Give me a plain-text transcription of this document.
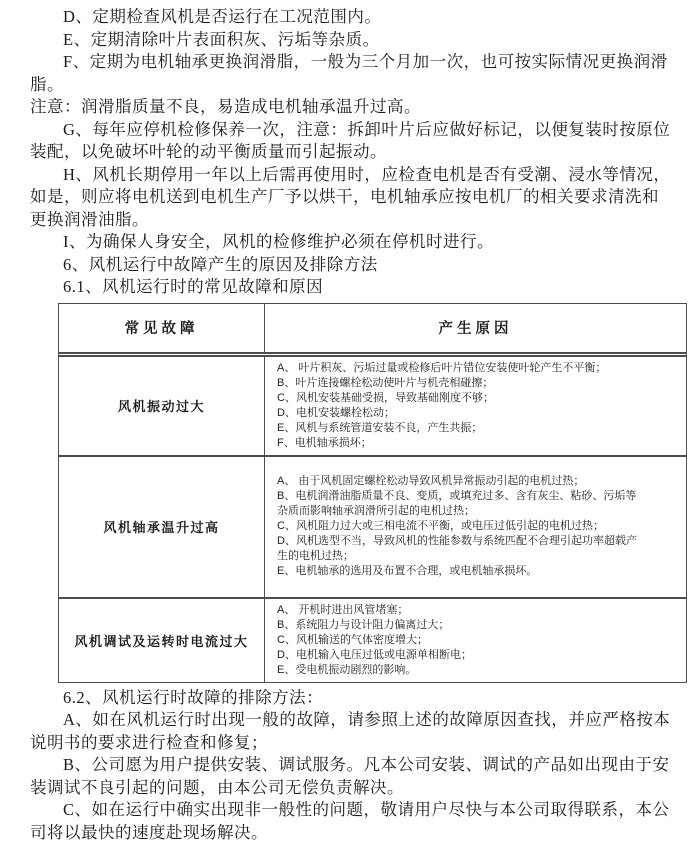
D、定期检查风机是否运行在工况范围内。
E、定期清除叶片表面积灰、污垢等杂质。
F、定期为电机轴承更换润滑脂，一般为三个月加一次，也可按实际情况更换润滑
脂。
注意：润滑脂质量不良，易造成电机轴承温升过高。
G、每年应停机检修保养一次，注意：拆卸叶片后应做好标记，以便复装时按原位
装配，以免破坏叶轮的动平衡质量而引起振动。
H、风机长期停用一年以上后需再使用时，应检查电机是否有受潮、浸水等情况，
如是，则应将电机送到电机生产厂予以烘干，电机轴承应按电机厂的相关要求清洗和
更换润滑油脂。
I、为确保人身安全，风机的检修维护必须在停机时进行。
6、风机运行中故障产生的原因及排除方法
6.1、风机运行时的常见故障和原因
常见故障	产生原因
风机振动过大
A、 叶片积灰、污垢过量或检修后叶片错位安装使叶轮产生不平衡；
B、叶片连接螺栓松动使叶片与机壳相碰擦；
C、风机安装基础受损，导致基础刚度不够；
D、电机安装螺栓松动；
E、风机与系统管道安装不良，产生共振；
F、电机轴承损坏；
风机轴承温升过高
A、 由于风机固定螺栓松动导致风机异常振动引起的电机过热；
B、电机润滑油脂质量不良、变质，或填充过多、含有灰尘、粘砂、污垢等
杂质而影响轴承润滑所引起的电机过热；
C、风机阻力过大或三相电流不平衡，或电压过低引起的电机过热；
D、风机选型不当，导致风机的性能参数与系统匹配不合理引起功率超载产
生的电机过热；
E、电机轴承的选用及布置不合理，或电机轴承损坏。
风机调试及运转时电流过大
A、 开机时进出风管堵塞；
B、系统阻力与设计阻力偏离过大；
C、风机输送的气体密度增大；
D、电机输入电压过低或电源单相断电；
E、受电机振动剧烈的影响。
6.2、风机运行时故障的排除方法：
A、如在风机运行时出现一般的故障，请参照上述的故障原因查找，并应严格按本
说明书的要求进行检查和修复；
B、公司愿为用户提供安装、调试服务。凡本公司安装、调试的产品如出现由于安
装调试不良引起的问题，由本公司无偿负责解决。
C、如在运行中确实出现非一般性的问题，敬请用户尽快与本公司取得联系，本公
司将以最快的速度赴现场解决。
